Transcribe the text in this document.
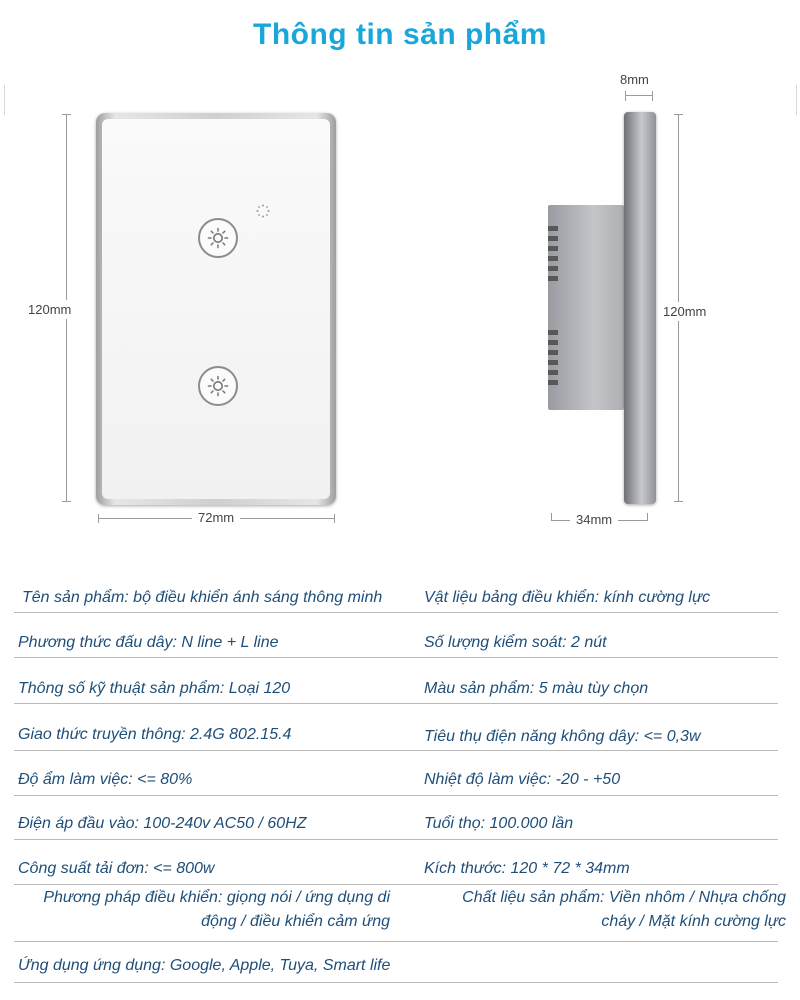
Thông tin sản phẩm
120mm
72mm
8mm
120mm
34mm
Tên sản phẩm: bộ điều khiển ánh sáng thông minh	Vật liệu bảng điều khiển: kính cường lực
Phương thức đấu dây: N line + L line	Số lượng kiểm soát: 2 nút
Thông số kỹ thuật sản phẩm: Loại 120	Màu sản phẩm: 5 màu tùy chọn
Giao thức truyền thông: 2.4G 802.15.4	Tiêu thụ điện năng không dây: <= 0,3w
Độ ẩm làm việc: <= 80%	Nhiệt độ làm việc: -20 - +50
Điện áp đầu vào: 100-240v AC50 / 60HZ	Tuổi thọ: 100.000 lần
Công suất tải đơn: <= 800w	Kích thước: 120 * 72 * 34mm
Phương pháp điều khiển: giọng nói / ứng dụng di động / điều khiển cảm ứng
Chất liệu sản phẩm: Viền nhôm / Nhựa chống cháy / Mặt kính cường lực
Ứng dụng ứng dụng: Google, Apple, Tuya, Smart life
